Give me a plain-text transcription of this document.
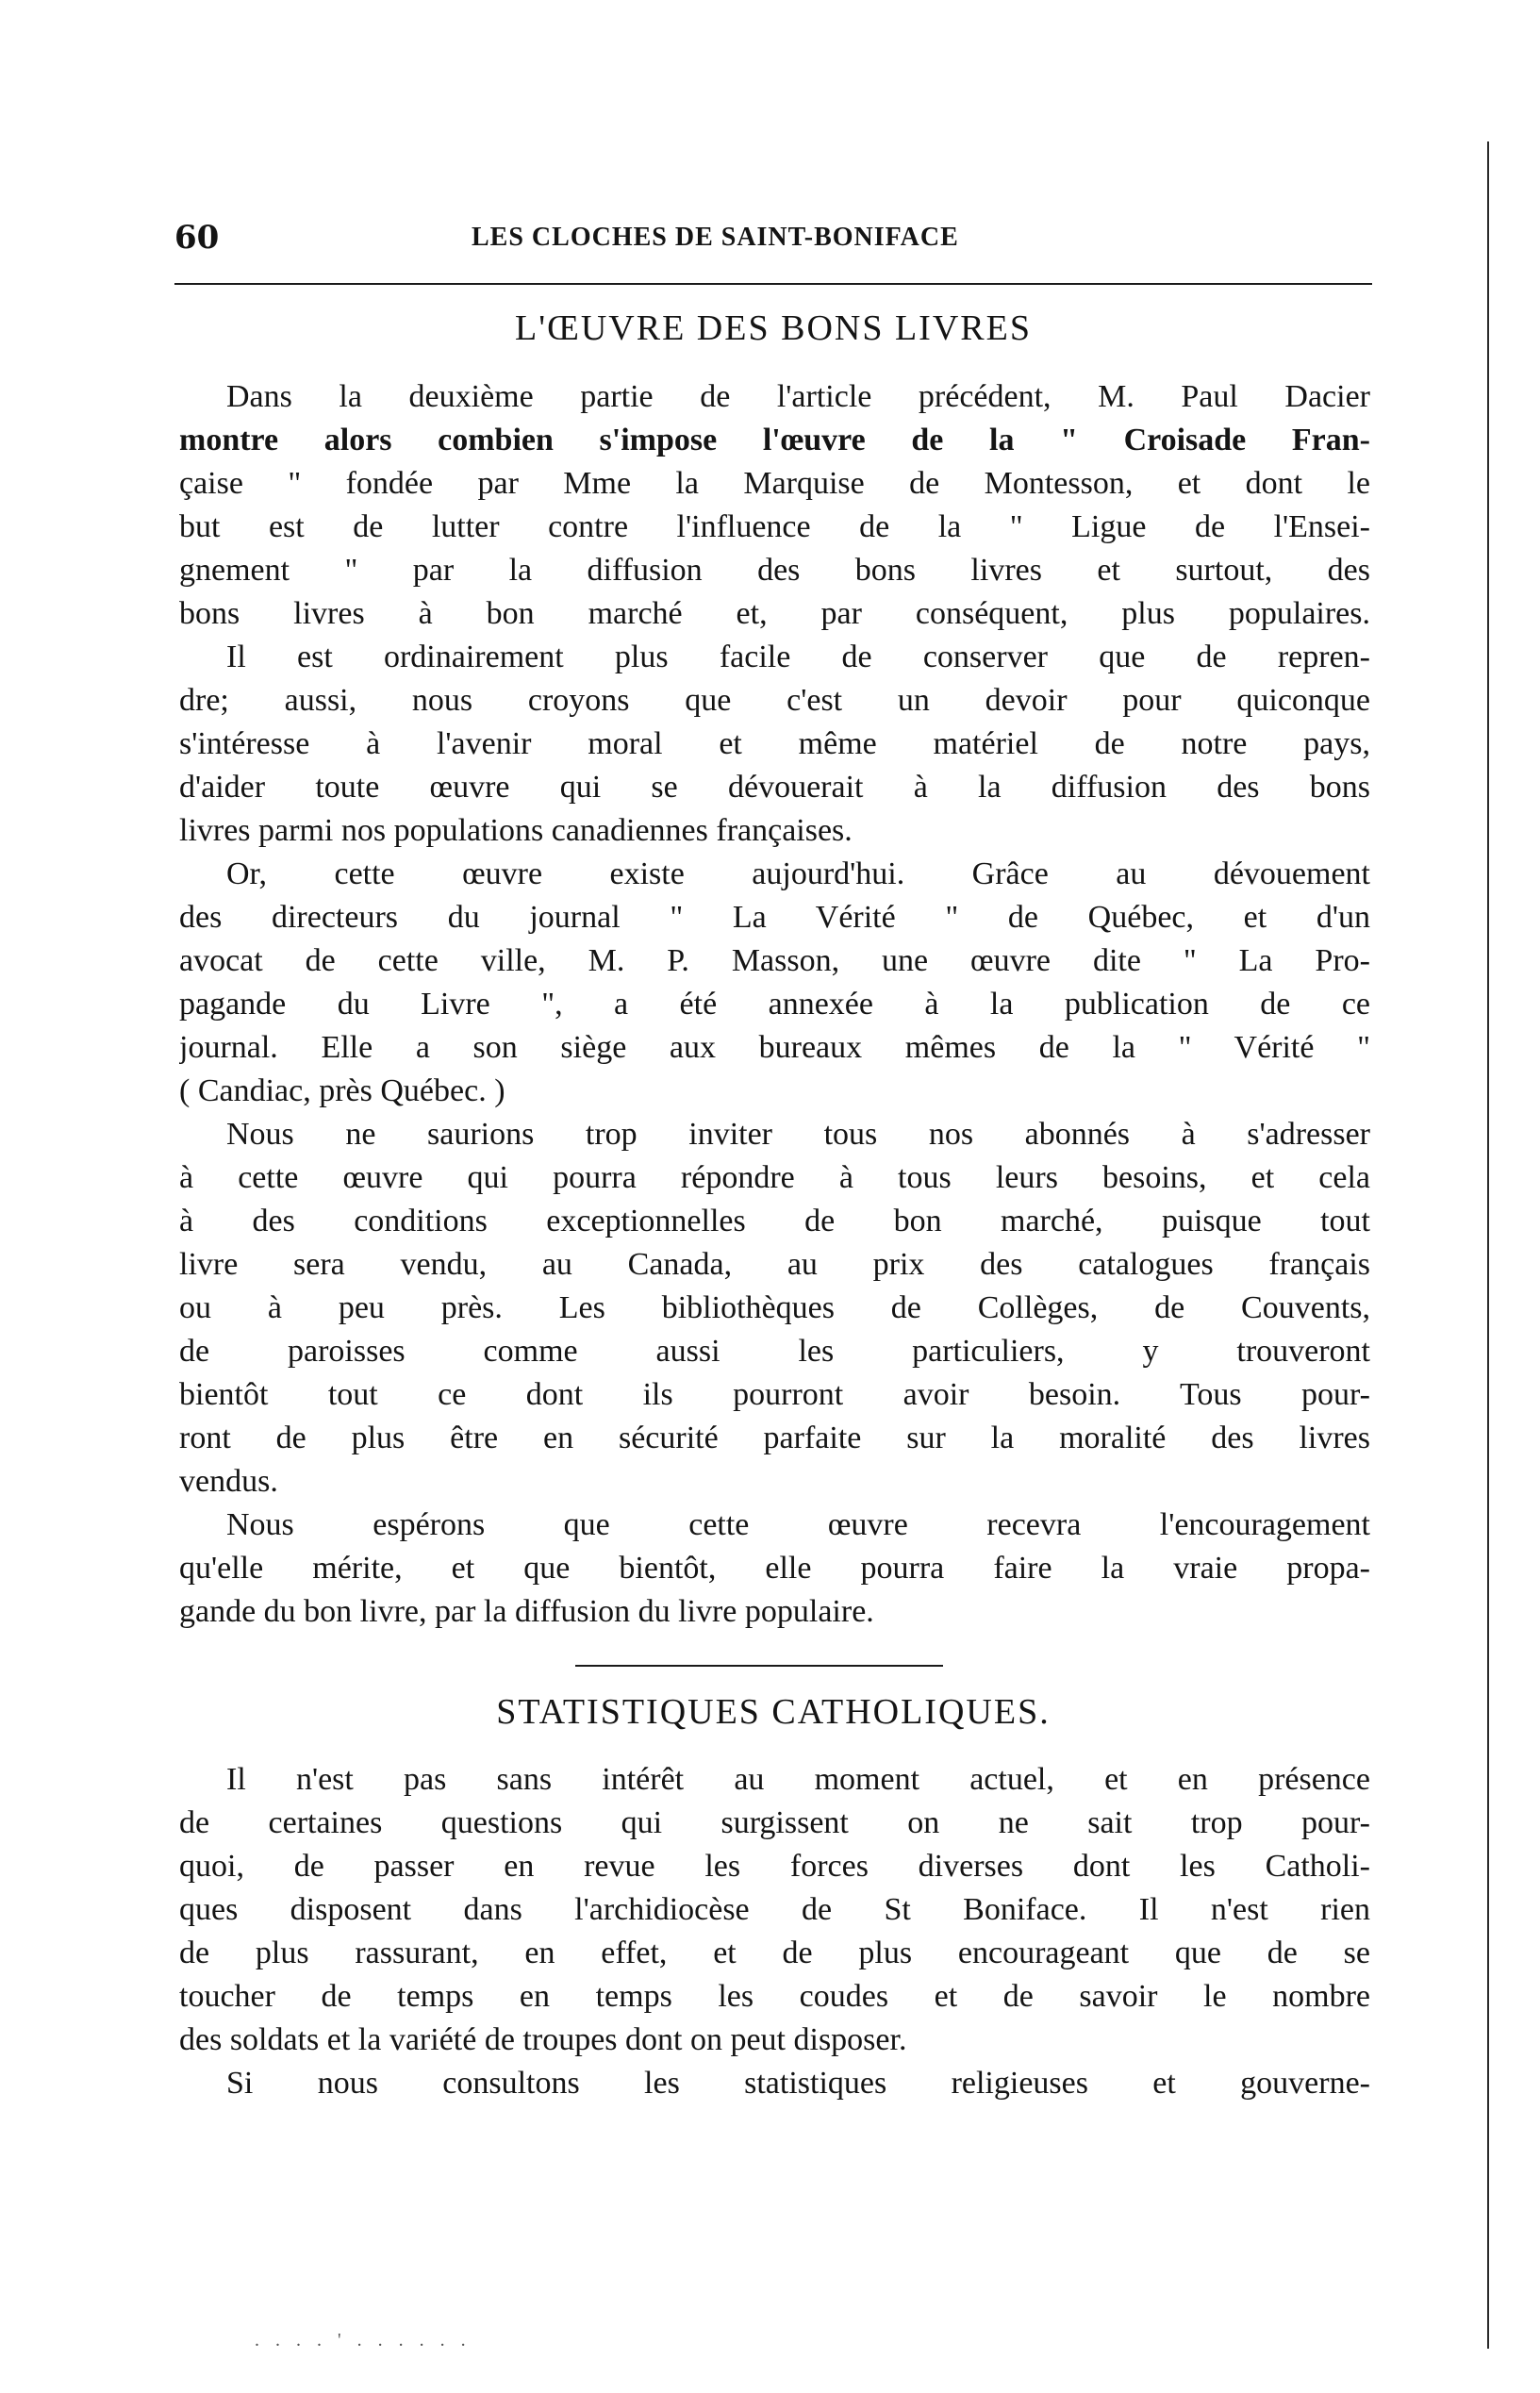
60	LES CLOCHES DE SAINT-BONIFACE
L'ŒUVRE DES BONS LIVRES
Dans la deuxième partie de l'article précédent, M. Paul Dacier
montre alors combien s'impose l'œuvre de la " Croisade Fran-
çaise " fondée par Mme la Marquise de Montesson, et dont le
but est de lutter contre l'influence de la " Ligue de l'Ensei-
gnement " par la diffusion des bons livres et surtout, des
bons livres à bon marché et, par conséquent, plus populaires.
Il est ordinairement plus facile de conserver que de repren-
dre; aussi, nous croyons que c'est un devoir pour quiconque
s'intéresse à l'avenir moral et même matériel de notre pays,
d'aider toute œuvre qui se dévouerait à la diffusion des bons
livres parmi nos populations canadiennes françaises.
Or, cette œuvre existe aujourd'hui. Grâce au dévouement
des directeurs du journal " La Vérité " de Québec, et d'un
avocat de cette ville, M. P. Masson, une œuvre dite " La Pro-
pagande du Livre ", a été annexée à la publication de ce
journal. Elle a son siège aux bureaux mêmes de la " Vérité "
( Candiac, près Québec. )
Nous ne saurions trop inviter tous nos abonnés à s'adresser
à cette œuvre qui pourra répondre à tous leurs besoins, et cela
à des conditions exceptionnelles de bon marché, puisque tout
livre sera vendu, au Canada, au prix des catalogues français
ou à peu près. Les bibliothèques de Collèges, de Couvents,
de paroisses comme aussi les particuliers, y trouveront
bientôt tout ce dont ils pourront avoir besoin. Tous pour-
ront de plus être en sécurité parfaite sur la moralité des livres
vendus.
Nous espérons que cette œuvre recevra l'encouragement
qu'elle mérite, et que bientôt, elle pourra faire la vraie propa-
gande du bon livre, par la diffusion du livre populaire.
STATISTIQUES CATHOLIQUES.
Il n'est pas sans intérêt au moment actuel, et en présence
de certaines questions qui surgissent on ne sait trop pour-
quoi, de passer en revue les forces diverses dont les Catholi-
ques disposent dans l'archidiocèse de St Boniface. Il n'est rien
de plus rassurant, en effet, et de plus encourageant que de se
toucher de temps en temps les coudes et de savoir le nombre
des soldats et la variété de troupes dont on peut disposer.
Si nous consultons les statistiques religieuses et gouverne-
. . . . ' . . . . . .
